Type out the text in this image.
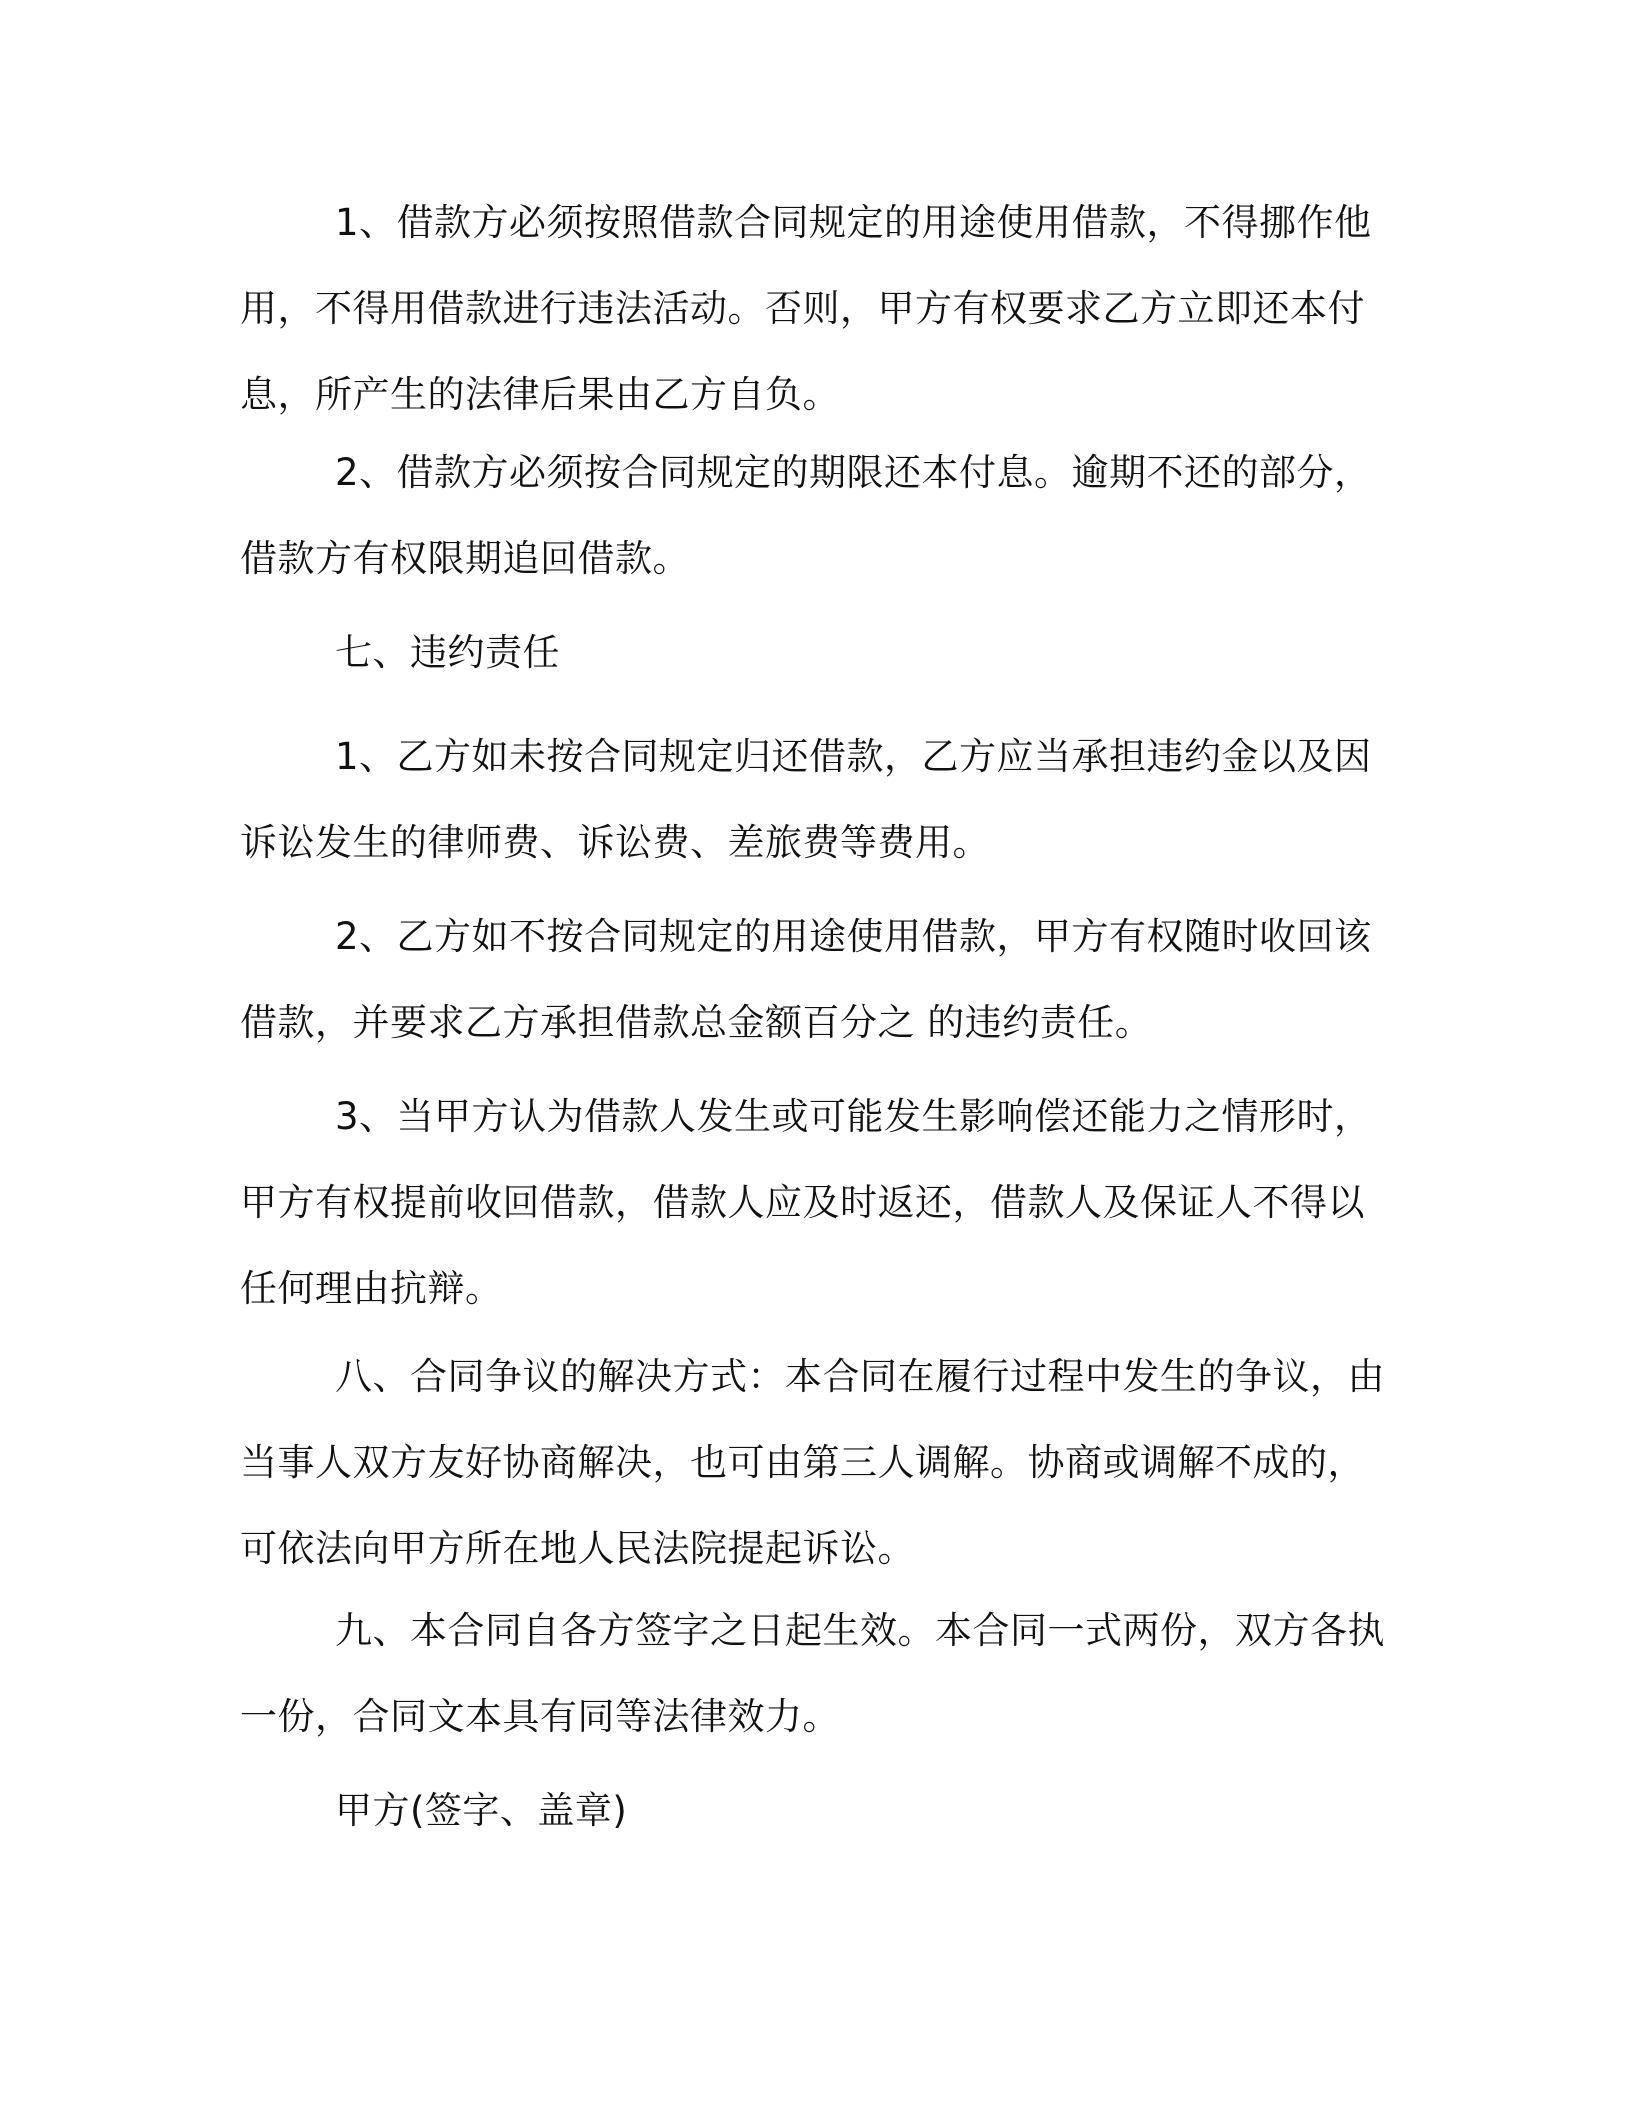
1、借款方必须按照借款合同规定的用途使用借款，不得挪作他
用，不得用借款进行违法活动。否则，甲方有权要求乙方立即还本付
息，所产生的法律后果由乙方自负。
2、借款方必须按合同规定的期限还本付息。逾期不还的部分，
借款方有权限期追回借款。
七、违约责任
1、乙方如未按合同规定归还借款，乙方应当承担违约金以及因
诉讼发生的律师费、诉讼费、差旅费等费用。
2、乙方如不按合同规定的用途使用借款，甲方有权随时收回该
借款，并要求乙方承担借款总金额百分之 的违约责任。
3、当甲方认为借款人发生或可能发生影响偿还能力之情形时，
甲方有权提前收回借款，借款人应及时返还，借款人及保证人不得以
任何理由抗辩。
八、合同争议的解决方式：本合同在履行过程中发生的争议，由
当事人双方友好协商解决，也可由第三人调解。协商或调解不成的，
可依法向甲方所在地人民法院提起诉讼。
九、本合同自各方签字之日起生效。本合同一式两份，双方各执
一份，合同文本具有同等法律效力。
甲方(签字、盖章)
